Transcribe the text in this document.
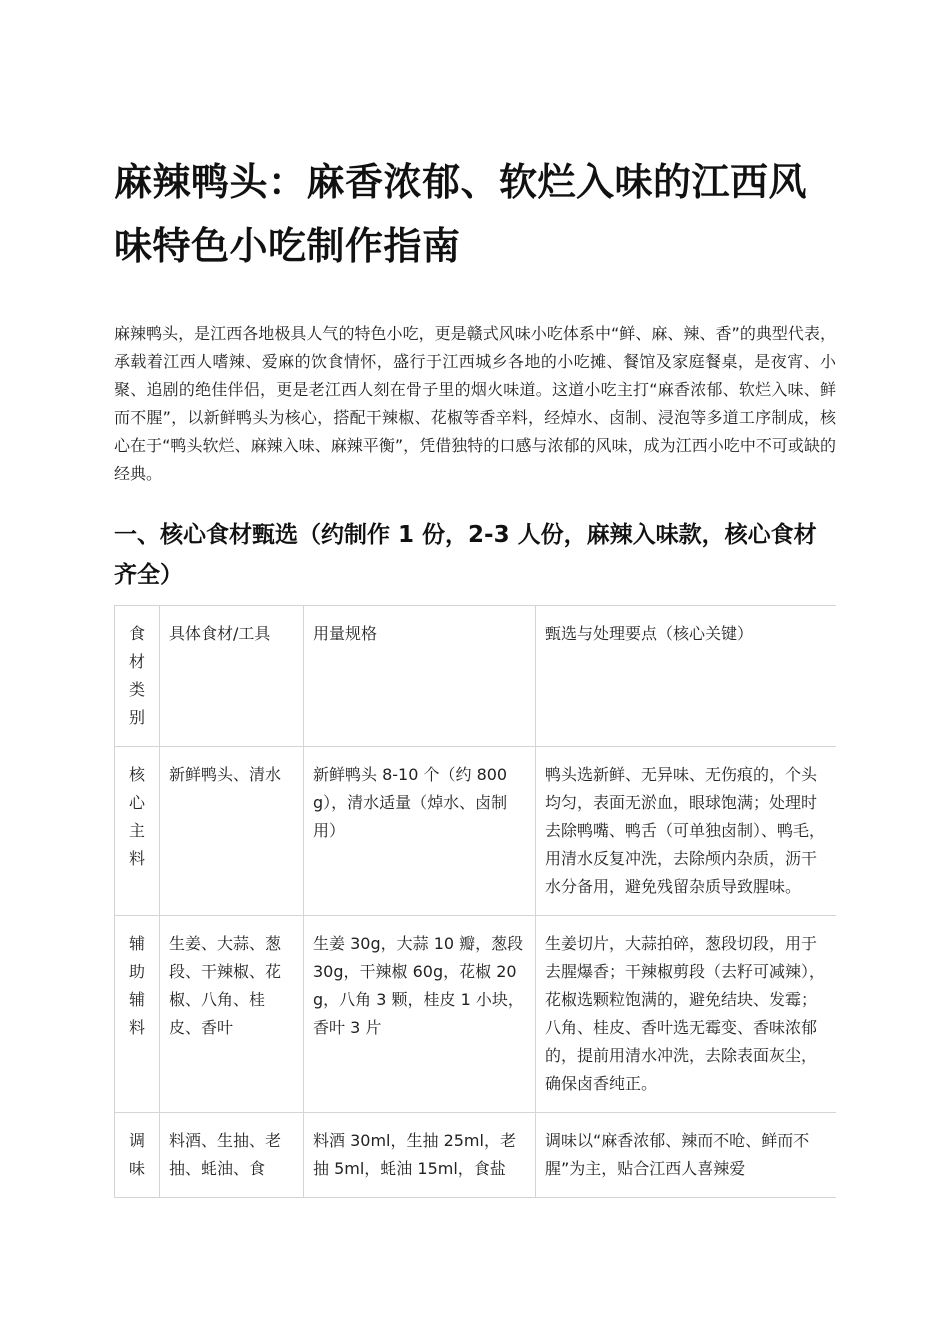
麻辣鸭头：麻香浓郁、软烂入味的江西风味特色小吃制作指南

麻辣鸭头，是江西各地极具人气的特色小吃，更是赣式风味小吃体系中“鲜、麻、辣、香”的典型代表，承载着江西人嗜辣、爱麻的饮食情怀，盛行于江西城乡各地的小吃摊、餐馆及家庭餐桌，是夜宵、小聚、追剧的绝佳伴侣，更是老江西人刻在骨子里的烟火味道。这道小吃主打“麻香浓郁、软烂入味、鲜而不腥”，以新鲜鸭头为核心，搭配干辣椒、花椒等香辛料，经焯水、卤制、浸泡等多道工序制成，核心在于“鸭头软烂、麻辣入味、麻辣平衡”，凭借独特的口感与浓郁的风味，成为江西小吃中不可或缺的经典。

一、核心食材甄选（约制作 1 份，2-3 人份，麻辣入味款，核心食材齐全）
食材类别	具体食材/工具	用量规格	甄选与处理要点（核心关键）
核心主料	新鲜鸭头、清水	新鲜鸭头 8-10 个（约 800g），清水适量（焯水、卤制用）	鸭头选新鲜、无异味、无伤痕的，个头均匀，表面无淤血，眼球饱满；处理时去除鸭嘴、鸭舌（可单独卤制）、鸭毛，用清水反复冲洗，去除颅内杂质，沥干水分备用，避免残留杂质导致腥味。
辅助辅料	生姜、大蒜、葱段、干辣椒、花椒、八角、桂皮、香叶	生姜 30g，大蒜 10 瓣，葱段 30g，干辣椒 60g，花椒 20g，八角 3 颗，桂皮 1 小块，香叶 3 片	生姜切片，大蒜拍碎，葱段切段，用于去腥爆香；干辣椒剪段（去籽可减辣），花椒选颗粒饱满的，避免结块、发霉；八角、桂皮、香叶选无霉变、香味浓郁的，提前用清水冲洗，去除表面灰尘，确保卤香纯正。
调味	料酒、生抽、老抽、蚝油、食	料酒 30ml，生抽 25ml，老抽 5ml，蚝油 15ml，食盐	调味以“麻香浓郁、辣而不呛、鲜而不腥”为主，贴合江西人喜辣爱
